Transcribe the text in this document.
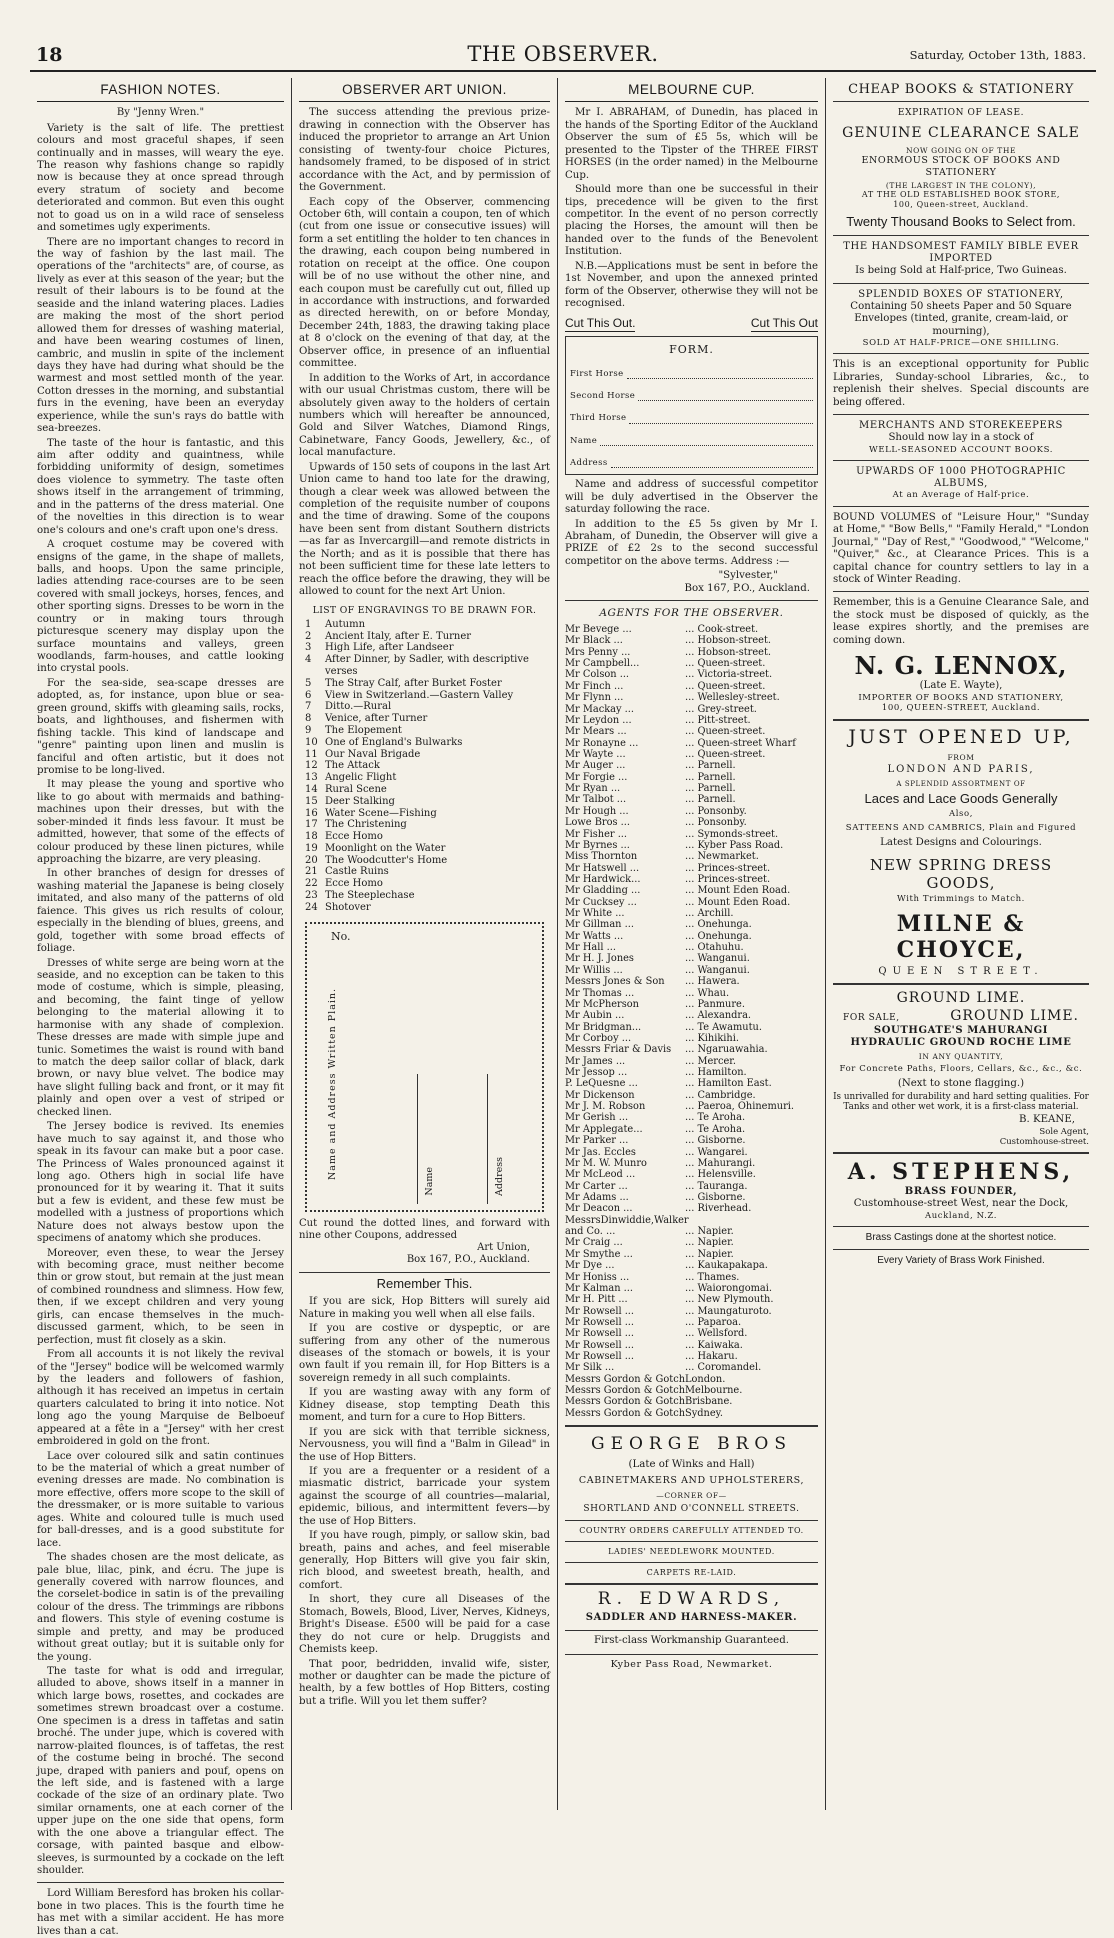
18	THE OBSERVER.	Saturday, October 13th, 1883.
FASHION NOTES.
By "Jenny Wren."

Variety is the salt of life. The prettiest colours and most graceful shapes, if seen continually and in masses, will weary the eye. The reason why fashions change so rapidly now is because they at once spread through every stratum of society and become deteriorated and common. But even this ought not to goad us on in a wild race of senseless and sometimes ugly experiments.

There are no important changes to record in the way of fashion by the last mail. The operations of the "architects" are, of course, as lively as ever at this season of the year; but the result of their labours is to be found at the seaside and the inland watering places. Ladies are making the most of the short period allowed them for dresses of washing material, and have been wearing costumes of linen, cambric, and muslin in spite of the inclement days they have had during what should be the warmest and most settled month of the year. Cotton dresses in the morning, and substantial furs in the evening, have been an everyday experience, while the sun's rays do battle with sea-breezes.

The taste of the hour is fantastic, and this aim after oddity and quaintness, while forbidding uniformity of design, sometimes does violence to symmetry. The taste often shows itself in the arrangement of trimming, and in the patterns of the dress material. One of the novelties in this direction is to wear one's colours and one's craft upon one's dress.

A croquet costume may be covered with ensigns of the game, in the shape of mallets, balls, and hoops. Upon the same principle, ladies attending race-courses are to be seen covered with small jockeys, horses, fences, and other sporting signs. Dresses to be worn in the country or in making tours through picturesque scenery may display upon the surface mountains and valleys, green woodlands, farm-houses, and cattle looking into crystal pools.

For the sea-side, sea-scape dresses are adopted, as, for instance, upon blue or sea-green ground, skiffs with gleaming sails, rocks, boats, and lighthouses, and fishermen with fishing tackle. This kind of landscape and "genre" painting upon linen and muslin is fanciful and often artistic, but it does not promise to be long-lived.

It may please the young and sportive who like to go about with mermaids and bathing-machines upon their dresses, but with the sober-minded it finds less favour. It must be admitted, however, that some of the effects of colour produced by these linen pictures, while approaching the bizarre, are very pleasing.

In other branches of design for dresses of washing material the Japanese is being closely imitated, and also many of the patterns of old faience. This gives us rich results of colour, especially in the blending of blues, greens, and gold, together with some broad effects of foliage.

Dresses of white serge are being worn at the seaside, and no exception can be taken to this mode of costume, which is simple, pleasing, and becoming, the faint tinge of yellow belonging to the material allowing it to harmonise with any shade of complexion. These dresses are made with simple jupe and tunic. Sometimes the waist is round with band to match the deep sailor collar of black, dark brown, or navy blue velvet. The bodice may have slight fulling back and front, or it may fit plainly and open over a vest of striped or checked linen.

The Jersey bodice is revived. Its enemies have much to say against it, and those who speak in its favour can make but a poor case. The Princess of Wales pronounced against it long ago. Others high in social life have pronounced for it by wearing it. That it suits but a few is evident, and these few must be modelled with a justness of proportions which Nature does not always bestow upon the specimens of anatomy which she produces.

Moreover, even these, to wear the Jersey with becoming grace, must neither become thin or grow stout, but remain at the just mean of combined roundness and slimness. How few, then, if we except children and very young girls, can encase themselves in the much-discussed garment, which, to be seen in perfection, must fit closely as a skin.

From all accounts it is not likely the revival of the "Jersey" bodice will be welcomed warmly by the leaders and followers of fashion, although it has received an impetus in certain quarters calculated to bring it into notice. Not long ago the young Marquise de Belboeuf appeared at a fête in a "Jersey" with her crest embroidered in gold on the front.

Lace over coloured silk and satin continues to be the material of which a great number of evening dresses are made. No combination is more effective, offers more scope to the skill of the dressmaker, or is more suitable to various ages. White and coloured tulle is much used for ball-dresses, and is a good substitute for lace.

The shades chosen are the most delicate, as pale blue, lilac, pink, and écru. The jupe is generally covered with narrow flounces, and the corselet-bodice in satin is of the prevailing colour of the dress. The trimmings are ribbons and flowers. This style of evening costume is simple and pretty, and may be produced without great outlay; but it is suitable only for the young.

The taste for what is odd and irregular, alluded to above, shows itself in a manner in which large bows, rosettes, and cockades are sometimes strewn broadcast over a costume. One specimen is a dress in taffetas and satin broché. The under jupe, which is covered with narrow-plaited flounces, is of taffetas, the rest of the costume being in broché. The second jupe, draped with paniers and pouf, opens on the left side, and is fastened with a large cockade of the size of an ordinary plate. Two similar ornaments, one at each corner of the upper jupe on the one side that opens, form with the one above a triangular effect. The corsage, with painted basque and elbow-sleeves, is surmounted by a cockade on the left shoulder.

Lord William Beresford has broken his collar-bone in two places. This is the fourth time he has met with a similar accident. He has more lives than a cat.

OBSERVER ART UNION.

The success attending the previous prize-drawing in connection with the Observer has induced the proprietor to arrange an Art Union consisting of twenty-four choice Pictures, handsomely framed, to be disposed of in strict accordance with the Act, and by permission of the Government.

Each copy of the Observer, commencing October 6th, will contain a coupon, ten of which (cut from one issue or consecutive issues) will form a set entitling the holder to ten chances in the drawing, each coupon being numbered in rotation on receipt at the office. One coupon will be of no use without the other nine, and each coupon must be carefully cut out, filled up in accordance with instructions, and forwarded as directed herewith, on or before Monday, December 24th, 1883, the drawing taking place at 8 o'clock on the evening of that day, at the Observer office, in presence of an influential committee.

In addition to the Works of Art, in accordance with our usual Christmas custom, there will be absolutely given away to the holders of certain numbers which will hereafter be announced, Gold and Silver Watches, Diamond Rings, Cabinetware, Fancy Goods, Jewellery, &c., of local manufacture.

Upwards of 150 sets of coupons in the last Art Union came to hand too late for the drawing, though a clear week was allowed between the completion of the requisite number of coupons and the time of drawing. Some of the coupons have been sent from distant Southern districts—as far as Invercargill—and remote districts in the North; and as it is possible that there has not been sufficient time for these late letters to reach the office before the drawing, they will be allowed to count for the next Art Union.

LIST OF ENGRAVINGS TO BE DRAWN FOR.
1	Autumn
2	Ancient Italy, after E. Turner
3	High Life, after Landseer
4	After Dinner, by Sadler, with descriptive verses
5	The Stray Calf, after Burket Foster
6	View in Switzerland.—Gastern Valley
7	Ditto.—Rural
8	Venice, after Turner
9	The Elopement
10 One of England's Bulwarks
11 Our Naval Brigade
12 The Attack
13 Angelic Flight
14 Rural Scene
15 Deer Stalking
16 Water Scene—Fishing
17 The Christening
18 Ecce Homo
19 Moonlight on the Water
20 The Woodcutter's Home
21 Castle Ruins
22 Ecce Homo
23 The Steeplechase
24 Shotover
No.
Name and Address Written Plain.
Name	Address

Cut round the dotted lines, and forward with nine other Coupons, addressed

Art Union,
Box 167, P.O., Auckland.
Remember This.

If you are sick, Hop Bitters will surely aid Nature in making you well when all else fails.

If you are costive or dyspeptic, or are suffering from any other of the numerous diseases of the stomach or bowels, it is your own fault if you remain ill, for Hop Bitters is a sovereign remedy in all such complaints.

If you are wasting away with any form of Kidney disease, stop tempting Death this moment, and turn for a cure to Hop Bitters.

If you are sick with that terrible sickness, Nervousness, you will find a "Balm in Gilead" in the use of Hop Bitters.

If you are a frequenter or a resident of a miasmatic district, barricade your system against the scourge of all countries—malarial, epidemic, bilious, and intermittent fevers—by the use of Hop Bitters.

If you have rough, pimply, or sallow skin, bad breath, pains and aches, and feel miserable generally, Hop Bitters will give you fair skin, rich blood, and sweetest breath, health, and comfort.

In short, they cure all Diseases of the Stomach, Bowels, Blood, Liver, Nerves, Kidneys, Bright's Disease. £500 will be paid for a case they do not cure or help. Druggists and Chemists keep.

That poor, bedridden, invalid wife, sister, mother or daughter can be made the picture of health, by a few bottles of Hop Bitters, costing but a trifle. Will you let them suffer?

MELBOURNE CUP.

Mr I. ABRAHAM, of Dunedin, has placed in the hands of the Sporting Editor of the Auckland Observer the sum of £5 5s, which will be presented to the Tipster of the THREE FIRST HORSES (in the order named) in the Melbourne Cup.

Should more than one be successful in their tips, precedence will be given to the first competitor. In the event of no person correctly placing the Horses, the amount will then be handed over to the funds of the Benevolent Institution.

N.B.—Applications must be sent in before the 1st November, and upon the annexed printed form of the Observer, otherwise they will not be recognised.

Cut This Out.	Cut This Out
FORM.
First Horse
Second Horse
Third Horse
Name
Address

Name and address of successful competitor will be duly advertised in the Observer the saturday following the race.

In addition to the £5 5s given by Mr I. Abraham, of Dunedin, the Observer will give a PRIZE of £2 2s to the second successful competitor on the above terms. Address :—

"Sylvester,"
Box 167, P.O., Auckland.
AGENTS FOR THE OBSERVER.
Mr Bevege ...	... Cook-street.
Mr Black ...	... Hobson-street.
Mrs Penny ...	... Hobson-street.
Mr Campbell...	... Queen-street.
Mr Colson ...	... Victoria-street.
Mr Finch ...	... Queen-street.
Mr Flynn ...	... Wellesley-street.
Mr Mackay ...	... Grey-street.
Mr Leydon ...	... Pitt-street.
Mr Mears ...	... Queen-street.
Mr Ronayne ...	... Queen-street Wharf
Mr Wayte ...	... Queen-street.
Mr Auger ...	... Parnell.
Mr Forgie ...	... Parnell.
Mr Ryan ...	... Parnell.
Mr Talbot ...	... Parnell.
Mr Hough ...	... Ponsonby.
Lowe Bros ...	... Ponsonby.
Mr Fisher ...	... Symonds-street.
Mr Byrnes ...	... Kyber Pass Road.
Miss Thornton	... Newmarket.
Mr Hatswell ...	... Princes-street.
Mr Hardwick...	... Princes-street.
Mr Gladding ...	... Mount Eden Road.
Mr Cucksey ...	... Mount Eden Road.
Mr White ...	... Archill.
Mr Gillman ...	... Onehunga.
Mr Watts ...	... Onehunga.
Mr Hall ...	... Otahuhu.
Mr H. J. Jones	... Wanganui.
Mr Willis ...	... Wanganui.
Messrs Jones & Son	... Hawera.
Mr Thomas ...	... Whau.
Mr McPherson	... Panmure.
Mr Aubin ...	... Alexandra.
Mr Bridgman...	... Te Awamutu.
Mr Corboy ...	... Kihikihi.
Messrs Friar & Davis	... Ngaruawahia.
Mr James ...	... Mercer.
Mr Jessop ...	... Hamilton.
P. LeQuesne ...	... Hamilton East.
Mr Dickenson	... Cambridge.
Mr J. M. Robson	... Paeroa, Ohinemuri.
Mr Gerish ...	... Te Aroha.
Mr Applegate...	... Te Aroha.
Mr Parker ...	... Gisborne.
Mr Jas. Eccles	... Wangarei.
Mr M. W. Munro	... Mahurangi.
Mr McLeod ...	... Helensville.
Mr Carter ...	... Tauranga.
Mr Adams ...	... Gisborne.
Mr Deacon ...	... Riverhead.
MessrsDinwiddie,Walker
and Co. ...	... Napier.
Mr Craig ...	... Napier.
Mr Smythe ...	... Napier.
Mr Dye ...	... Kaukapakapa.
Mr Honiss ...	... Thames.
Mr Kalman ...	... Waiorongomai.
Mr H. Pitt ...	... New Plymouth.
Mr Rowsell ...	... Maungaturoto.
Mr Rowsell ...	... Paparoa.
Mr Rowsell ...	... Wellsford.
Mr Rowsell ...	... Kaiwaka.
Mr Rowsell ...	... Hakaru.
Mr Silk ...	... Coromandel.
Messrs Gordon & Gotch London.
Messrs Gordon & Gotch Melbourne.
Messrs Gordon & Gotch Brisbane.
Messrs Gordon & Gotch Sydney.
GEORGE BROS
(Late of Winks and Hall)
CABINETMAKERS AND UPHOLSTERERS,
—CORNER OF—
SHORTLAND AND O'CONNELL STREETS.
COUNTRY ORDERS CAREFULLY ATTENDED TO.
LADIES' NEEDLEWORK MOUNTED.
CARPETS RE-LAID.
R. EDWARDS,
SADDLER AND HARNESS-MAKER.
First-class Workmanship Guaranteed.
Kyber Pass Road, Newmarket.
CHEAP BOOKS & STATIONERY
EXPIRATION OF LEASE.
GENUINE CLEARANCE SALE
NOW GOING ON OF THE
ENORMOUS STOCK OF BOOKS AND STATIONERY
(THE LARGEST IN THE COLONY),
AT THE OLD ESTABLISHED BOOK STORE,
100, Queen-street, Auckland.
Twenty Thousand Books to Select from.
THE HANDSOMEST FAMILY BIBLE EVER IMPORTED
Is being Sold at Half-price, Two Guineas.
SPLENDID BOXES OF STATIONERY,
Containing 50 sheets Paper and 50 Square Envelopes (tinted, granite, cream-laid, or mourning),
SOLD AT HALF-PRICE—ONE SHILLING.

This is an exceptional opportunity for Public Libraries, Sunday-school Libraries, &c., to replenish their shelves. Special discounts are being offered.

MERCHANTS AND STOREKEEPERS
Should now lay in a stock of
WELL-SEASONED ACCOUNT BOOKS.
UPWARDS OF 1000 PHOTOGRAPHIC ALBUMS,
At an Average of Half-price.

BOUND VOLUMES of "Leisure Hour," "Sunday at Home," "Bow Bells," "Family Herald," "London Journal," "Day of Rest," "Goodwood," "Welcome," "Quiver," &c., at Clearance Prices. This is a capital chance for country settlers to lay in a stock of Winter Reading.

Remember, this is a Genuine Clearance Sale, and the stock must be disposed of quickly, as the lease expires shortly, and the premises are coming down.

N. G. LENNOX,
(Late E. Wayte),
IMPORTER OF BOOKS AND STATIONERY,
100, QUEEN-STREET, Auckland.
JUST OPENED UP,
FROM
LONDON AND PARIS,
A SPLENDID ASSORTMENT OF
Laces and Lace Goods Generally
Also,
SATTEENS AND CAMBRICS, Plain and Figured
Latest Designs and Colourings.
NEW SPRING DRESS GOODS,
With Trimmings to Match.
MILNE & CHOYCE,
QUEEN STREET.
GROUND LIME.
FOR SALE,	GROUND LIME.
SOUTHGATE'S MAHURANGI
HYDRAULIC GROUND ROCHE LIME
IN ANY QUANTITY,
For Concrete Paths, Floors, Cellars, &c., &c., &c.
(Next to stone flagging.)
Is unrivalled for durability and hard setting qualities. For Tanks and other wet work, it is a first-class material.
B. KEANE,
Sole Agent,
Customhouse-street.
A. STEPHENS,
BRASS FOUNDER,
Customhouse-street West, near the Dock,
Auckland, N.Z.
Brass Castings done at the shortest notice.
Every Variety of Brass Work Finished.
